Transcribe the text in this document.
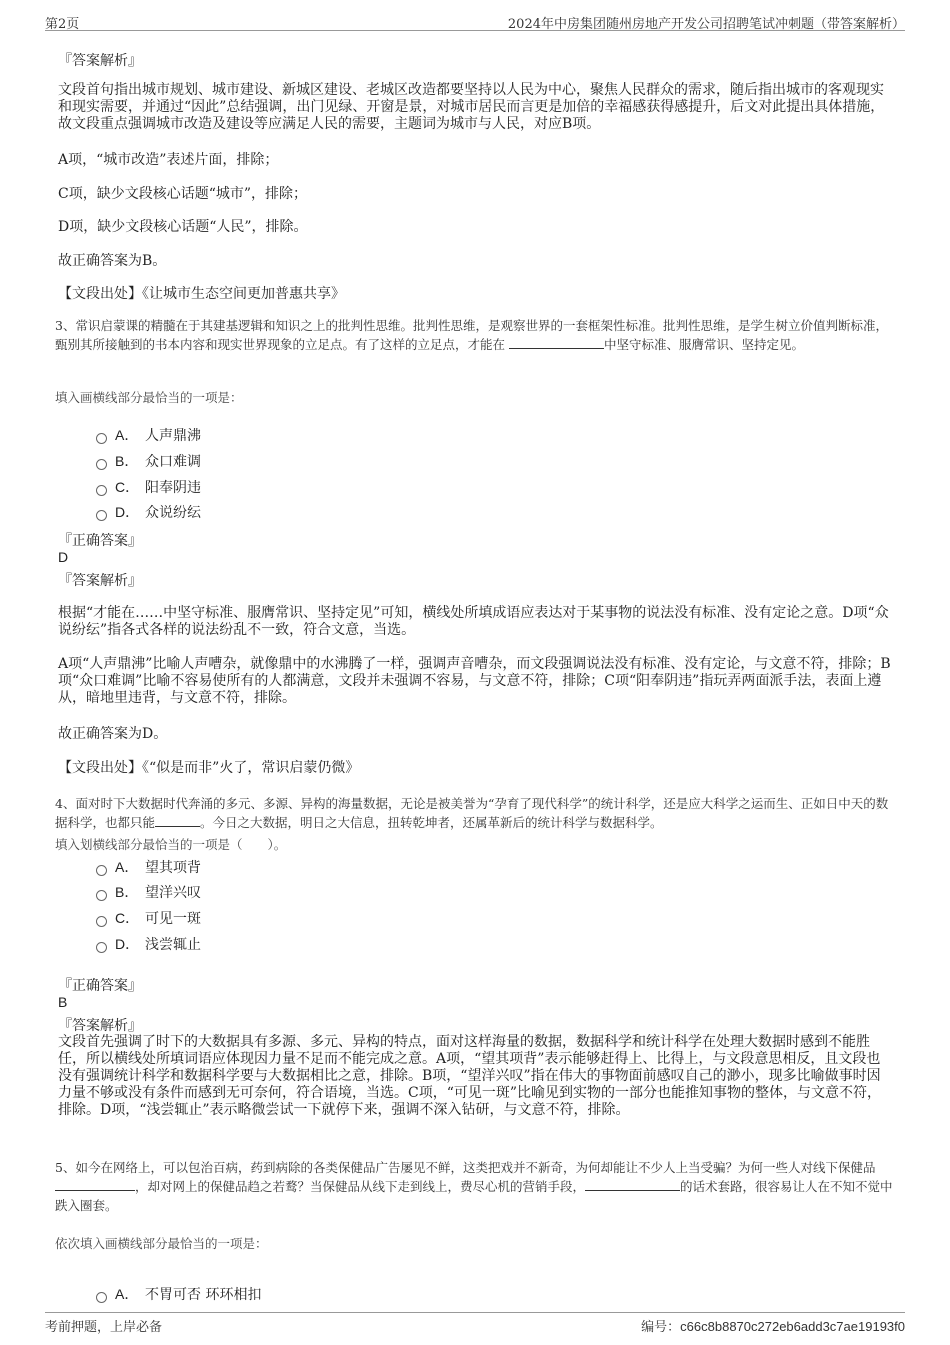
第2页	2024年中房集团随州房地产开发公司招聘笔试冲刺题（带答案解析）
『答案解析』
文段首句指出城市规划、城市建设、新城区建设、老城区改造都要坚持以人民为中心，聚焦人民群众的需求，随后指出城市的客观现实和现实需要，并通过“因此”总结强调，出门见绿、开窗是景，对城市居民而言更是加倍的幸福感获得感提升，后文对此提出具体措施，故文段重点强调城市改造及建设等应满足人民的需要，主题词为城市与人民，对应B项。
A项，“城市改造”表述片面，排除；
C项，缺少文段核心话题“城市”，排除；
D项，缺少文段核心话题“人民”，排除。
故正确答案为B。
【文段出处】《让城市生态空间更加普惠共享》
3、常识启蒙课的精髓在于其建基逻辑和知识之上的批判性思维。批判性思维，是观察世界的一套框架性标准。批判性思维，是学生树立价值判断标准，甄别其所接触到的书本内容和现实世界现象的立足点。有了这样的立足点，才能在	中坚守标准、服膺常识、坚持定见。
填入画横线部分最恰当的一项是：
A． 人声鼎沸
B． 众口难调
C． 阳奉阴违
D． 众说纷纭
『正确答案』
D
『答案解析』
根据“才能在……中坚守标准、服膺常识、坚持定见”可知，横线处所填成语应表达对于某事物的说法没有标准、没有定论之意。D项“众说纷纭”指各式各样的说法纷乱不一致，符合文意，当选。
A项“人声鼎沸”比喻人声嘈杂，就像鼎中的水沸腾了一样，强调声音嘈杂，而文段强调说法没有标准、没有定论，与文意不符，排除；B项“众口难调”比喻不容易使所有的人都满意，文段并未强调不容易，与文意不符，排除；C项“阳奉阴违”指玩弄两面派手法，表面上遵从，暗地里违背，与文意不符，排除。
故正确答案为D。
【文段出处】《“似是而非”火了，常识启蒙仍微》
4、面对时下大数据时代奔涌的多元、多源、异构的海量数据，无论是被美誉为“孕育了现代科学”的统计科学，还是应大科学之运而生、正如日中天的数据科学，也都只能	。今日之大数据，明日之大信息，扭转乾坤者，还属革新后的统计科学与数据科学。
填入划横线部分最恰当的一项是（　　）。
A． 望其项背
B． 望洋兴叹
C． 可见一斑
D． 浅尝辄止
『正确答案』
B
『答案解析』
文段首先强调了时下的大数据具有多源、多元、异构的特点，面对这样海量的数据，数据科学和统计科学在处理大数据时感到不能胜任，所以横线处所填词语应体现因力量不足而不能完成之意。A项，“望其项背”表示能够赶得上、比得上，与文段意思相反，且文段也没有强调统计科学和数据科学要与大数据相比之意，排除。B项，“望洋兴叹”指在伟大的事物面前感叹自己的渺小，现多比喻做事时因力量不够或没有条件而感到无可奈何，符合语境，当选。C项，“可见一斑”比喻见到实物的一部分也能推知事物的整体，与文意不符，排除。D项，“浅尝辄止”表示略微尝试一下就停下来，强调不深入钻研，与文意不符，排除。
5、如今在网络上，可以包治百病，药到病除的各类保健品广告屡见不鲜，这类把戏并不新奇，为何却能让不少人上当受骗？为何一些人对线下保健品 ，却对网上的保健品趋之若鹜？当保健品从线下走到线上，费尽心机的营销手段，	的话术套路，很容易让人在不知不觉中跌入圈套。
依次填入画横线部分最恰当的一项是：
A． 不胃可否 环环相扣
考前押题，上岸必备	编号：c66c8b8870c272eb6add3c7ae19193f0
